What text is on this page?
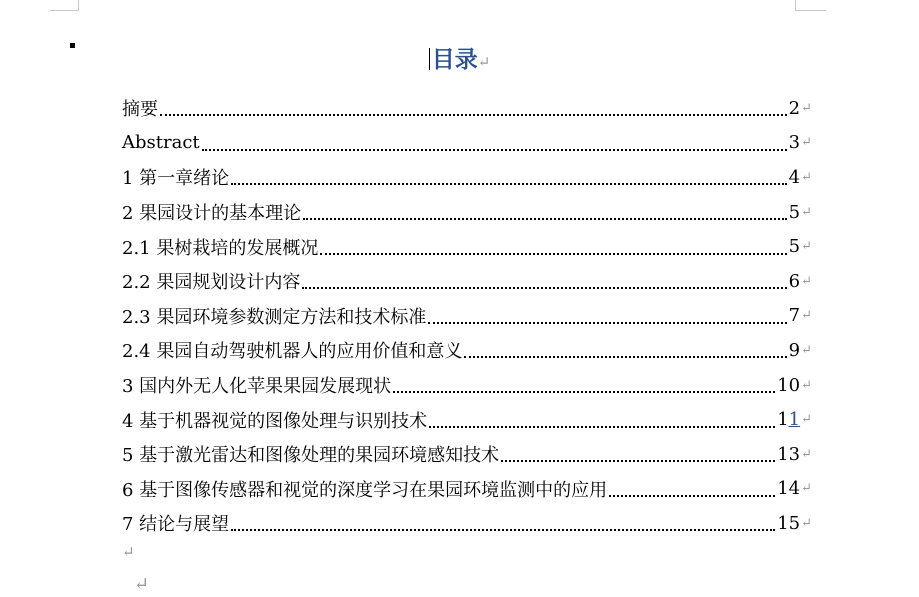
目录↵
摘要	2 ↵
Abstract	3 ↵
1 第一章绪论	4 ↵
2 果园设计的基本理论	5 ↵
2.1 果树栽培的发展概况	5 ↵
2.2 果园规划设计内容	6 ↵
2.3 果园环境参数测定方法和技术标准	7 ↵
2.4 果园自动驾驶机器人的应用价值和意义	9 ↵
3 国内外无人化苹果果园发展现状	10 ↵
4 基于机器视觉的图像处理与识别技术	11 ↵
5 基于激光雷达和图像处理的果园环境感知技术	13 ↵
6 基于图像传感器和视觉的深度学习在果园环境监测中的应用	14 ↵
7 结论与展望	15 ↵
↵
↵
